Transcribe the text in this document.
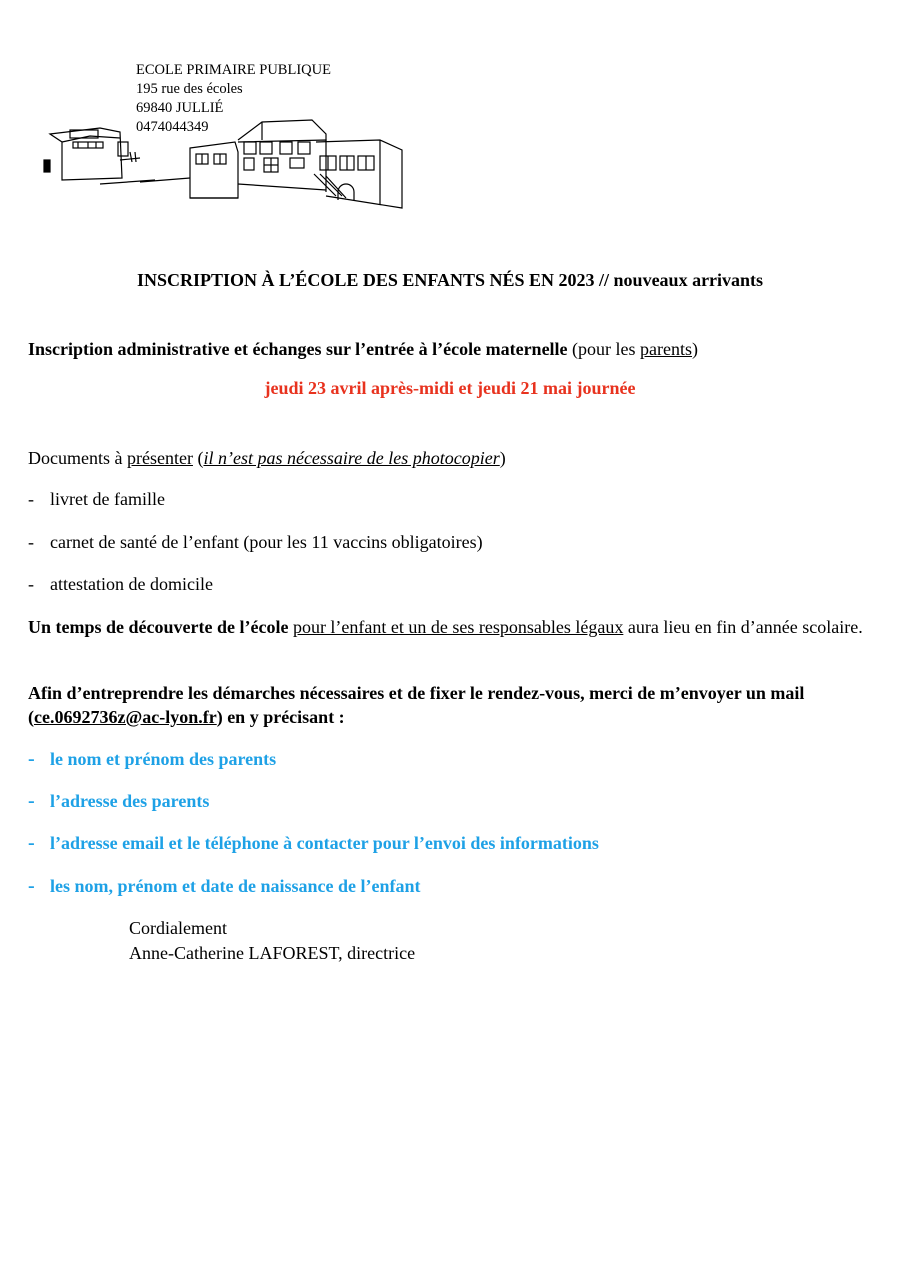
ECOLE PRIMAIRE PUBLIQUE
195 rue des écoles
69840 JULLIÉ
0474044349
INSCRIPTION À L’ÉCOLE DES ENFANTS NÉS EN 2023 // nouveaux arrivants
Inscription administrative et échanges sur l’entrée à l’école maternelle (pour les parents)
jeudi 23 avril après-midi et jeudi 21 mai journée
Documents à présenter (il n’est pas nécessaire de les photocopier)
- livret de famille
- carnet de santé de l’enfant (pour les 11 vaccins obligatoires)
- attestation de domicile
Un temps de découverte de l’école pour l’enfant et un de ses responsables légaux aura lieu en fin d’année scolaire.
Afin d’entreprendre les démarches nécessaires et de fixer le rendez-vous, merci de m’envoyer un mail (ce.0692736z@ac-lyon.fr) en y précisant :
- le nom et prénom des parents
- l’adresse des parents
- l’adresse email et le téléphone à contacter pour l’envoi des informations
- les nom, prénom et date de naissance de l’enfant
Cordialement
Anne-Catherine LAFOREST, directrice
